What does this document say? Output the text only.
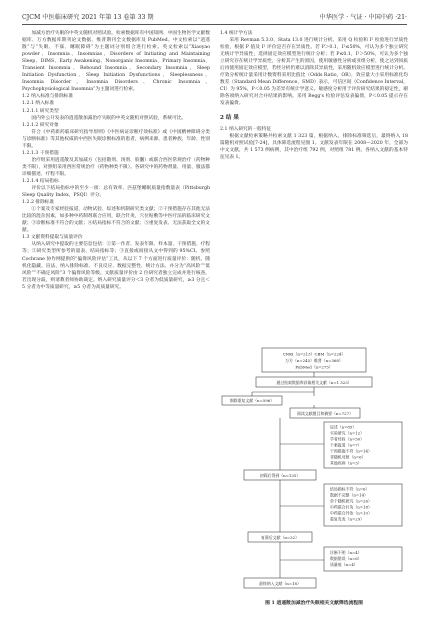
CJCM 中医临床研究 2021 年第 13 卷第 33 期	中华医学 · 气证 · 中国中药 ·21·

加减方治疗失眠的中英文随机对照试验。检索数据库有中国知网、中国生物医学文献数据库、万方数据库期刊论文数据、维普期刊全文数据库及 PubMed。中文检索以“逍遥散”与“失眠、不寐、睡眠障碍”为主题词分别组合进行检索。英文检索以“Xiaoyao powder、Insomnia、Insomnias、Disorders of Initiating and Maintaining Sleep、DIMS、Early Awakening、Nonorganic Insomnia、Primary Insomnia、Transient Insomnia、Rebound Insomnia、Secondary Insomnia、Sleep Initiation Dysfunction、Sleep Initiation Dysfunctions、Sleeplessness、Insomnia Disorder、Insomnia Disorders、Chronic Insomnia、Psychophysiological Insomnia”为主题词进行检索。

1.2 纳入标准与排除标准

1.2.1 纳入标准

1.2.1.1 研究类型

国内外公开发表的逍遥散加减治疗失眠的中英文随机对照试验，系统可比。

1.2.1.2 研究对象

符合《中药新药临床研究指导原则》《中医病证诊断疗效标准》或《中国精神障碍分类与诊断标准》等其他权威的中西医失眠诊断标准的患者，病例来源、患者种族、年龄、性别不限。

1.2.1.3 干预措施

治疗组采用逍遥散及其加减方（包括散剂、汤剂、胶囊）或联合西医常规治疗（药物种类不限），对照组采用西医常规治疗（药物种类不限）。各研究中的药物剂量、用量、服法都详细描述、疗程不限。

1.2.1.4 结局指标

评价以下结局指标中的至少一项：总有效率、匹兹堡睡眠质量指数量表（Pittsburgh Sleep Quality Index，PSQI）评分。

1.2.2 排除标准

①个案及专家经验报道、动物试验、综述和机制研究类文献；②干预措施存在其他无法比较的混杂因素，如多种中药制剂联合应用，联合针灸、穴位贴敷等中医疗法的临床研究文献；③诊断标准不符合的文献；④结局指标不符合的文献；⑤重复发表、无法获取全文的文献。

1.3 文献资料提取与质量评价

从纳入研究中提取的主要信息包括：①第一作者、发表年限、样本量、干预措施、疗程等；②研究类型所参考的量表、结局指标等；③直接或间接从文中得到的 95%CI。参照 Cochrane 协作网提供的“偏倚风险评估”工具，从以下 7 个方面进行质量评价：随机、随机化隐藏、盲法、纳入排除标准、不良反应、数据完整性、统计方法。并分为“高风险”“低风险”“不确定风险”3 个偏倚风险等级。文献质量评价由 2 位研究者独立完成并进行核查，若出现分歧，则请教者师协助裁定。纳入研究质量评分＜3 分者为低质量研究，≥3 分且＜5 分者为中等质量研究，≥5 分者为高质量研究。

1.4 统计学方法

采用 Revman 5.3.0、Stata 13.0 进行统计分析。采用 Q 检验和 I² 检验进行异质性检验，根据 P 值及 I² 评价是否存在异质性。若 P＞0.1，I²≤50%，可认为多个独立研究无统计学异质性，选择固定效应模型进行统计分析；若 P≤0.1，I²＞50%，可认为多个独立研究存在统计学异质性，分析其产生的原因，使用敏感性分析或亚组分析，使之达到同质后再使用固定效应模型，若经分析仍难以消除其异质性，采用随机效应模型进行统计分析。疗效分析统计量采用计数资料采用比值比（Odds Ratio，OR），效应量大小采用标准化均数差（Standard Mean Difference，SMD）表示，可信区间（Confidence Interval，CI）为 95%，P＜0.05 为差异有统计学意义。敏感度分析用于评价研究结果的稳定性，剔除各项纳入研究对合并结果的影响。采用 Begg's 检验评估发表偏倚，P＜0.05 提示存在发表偏倚。

2 结 果

2.1 纳入研究的一般特征

根据文献检索策略共检索文献 1 323 篇，根据纳入、排除标准筛选后，最终纳入 18 篇随机对照试验[7-24]，具体筛选流程见图 1。文献发表年限在 2008—2020 年，全部为中文文献，共 1 573 例病例，其中治疗组 792 例，对照组 781 例。各纳入文献的基本特征见表 1。

CNKI（n=213）CBM（n=224）
万方（n=245）维普（n=368）
PubMed（n=273）
通过检索数据库获取相关文献（n=1 323）
剔除重复文献（n=596）
阅读文献题目和摘要（n=727）
综述（n=85）
实验研究（n=12）
学者经验（n=50）
个案报道（n=7）
干预措施不符（n=14）
非随机对照（n=6）
其他疾病（n=3）
初筛后得到（n=135）
结局指标不符（n=6）
数据不完整（n=14）
单个随机研究（n=26）
中药联合针灸（n=18）
中药联合外治（n=10）
重复发表（n=29）
复筛后文献（n=32）
诊断不明（n=4）
数据错误（n=6）
质量低（n=4）
最终纳入文献（n=18）
图 1 逍遥散加减治疗失眠相关文献筛选流程图
